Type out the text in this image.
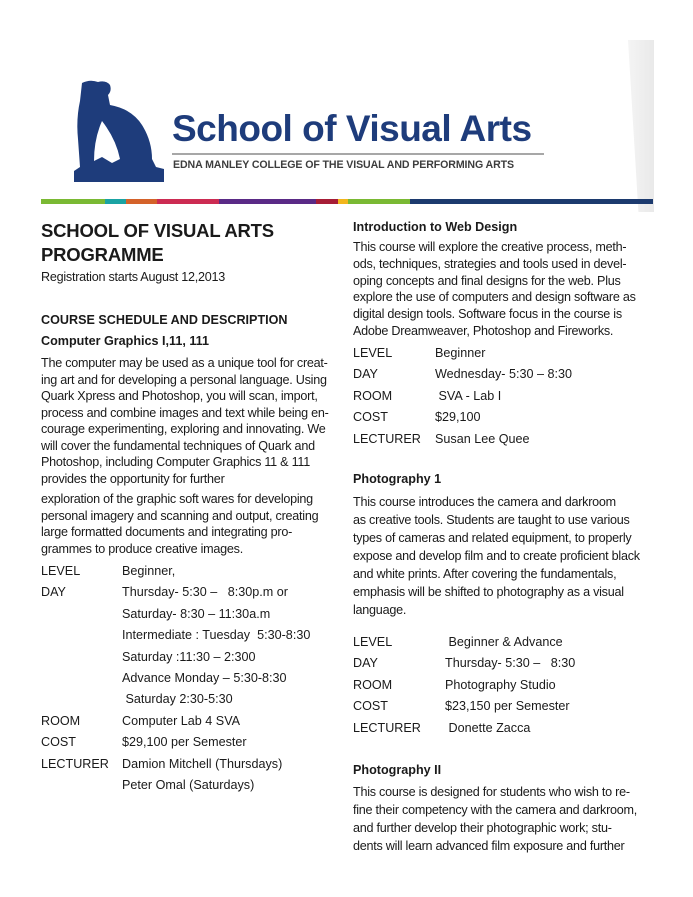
School of Visual Arts
EDNA MANLEY COLLEGE OF THE VISUAL AND PERFORMING ARTS
SCHOOL OF VISUAL ARTS
PROGRAMME
Registration starts August 12,2013
COURSE SCHEDULE AND DESCRIPTION
Computer Graphics I,11, 111
The computer may be used as a unique tool for creat-
ing art and for developing a personal language. Using
Quark Xpress and Photoshop, you will scan, import,
process and combine images and text while being en-
courage experimenting, exploring and innovating. We
will cover the fundamental techniques of Quark and
Photoshop, including Computer Graphics 11 & 111
provides the opportunity for further
exploration of the graphic soft wares for developing
personal imagery and scanning and output, creating
large formatted documents and integrating pro-
grammes to produce creative images.
LEVEL	Beginner,
DAY	Thursday- 5:30 –   8:30p.m or
Saturday- 8:30 – 11:30a.m
Intermediate : Tuesday  5:30-8:30
Saturday :11:30 – 2:300
Advance Monday – 5:30-8:30
Saturday 2:30-5:30
ROOM	Computer Lab 4 SVA
COST	$29,100 per Semester
LECTURER Damion Mitchell (Thursdays)
Peter Omal (Saturdays)
Introduction to Web Design
This course will explore the creative process, meth-
ods, techniques, strategies and tools used in devel-
oping concepts and final designs for the web. Plus
explore the use of computers and design software as
digital design tools. Software focus in the course is
Adobe Dreamweaver, Photoshop and Fireworks.
LEVEL	Beginner
DAY	Wednesday- 5:30 – 8:30
ROOM	SVA - Lab I
COST	$29,100
LECTURER Susan Lee Quee
Photography 1
This course introduces the camera and darkroom
as creative tools. Students are taught to use various
types of cameras and related equipment, to properly
expose and develop film and to create proficient black
and white prints. After covering the fundamentals,
emphasis will be shifted to photography as a visual
language.
LEVEL	Beginner & Advance
DAY	Thursday- 5:30 –   8:30
ROOM	Photography Studio
COST	$23,150 per Semester
LECTURER Donette Zacca
Photography II
This course is designed for students who wish to re-
fine their competency with the camera and darkroom,
and further develop their photographic work; stu-
dents will learn advanced film exposure and further
